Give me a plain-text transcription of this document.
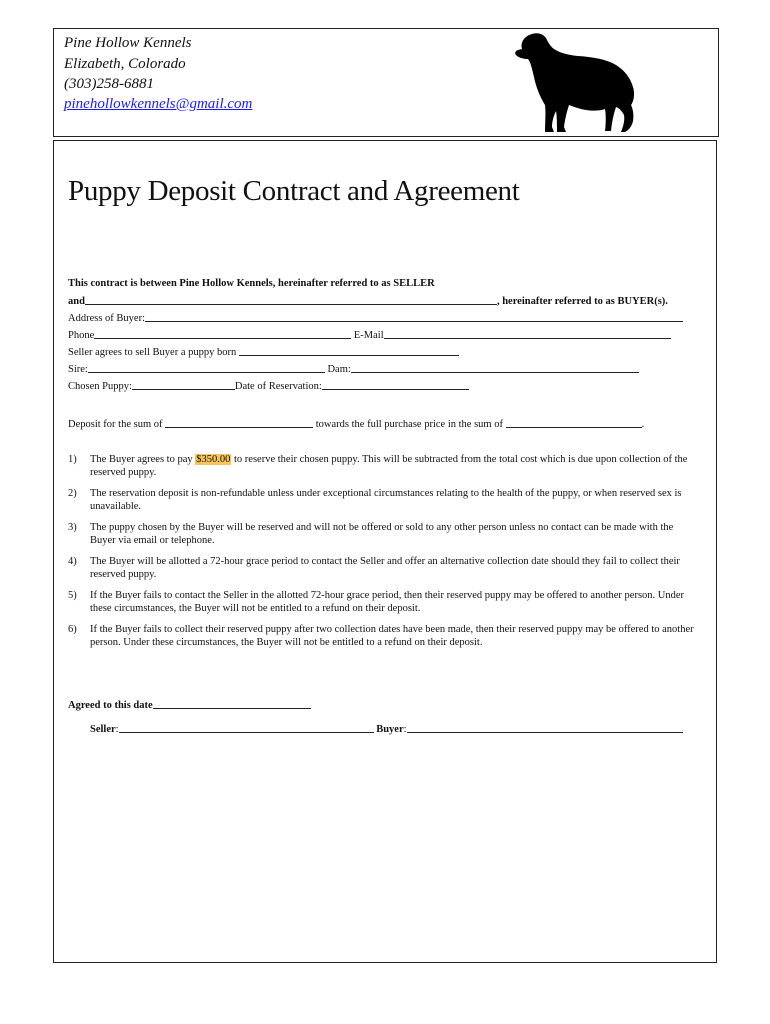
Pine Hollow Kennels
Elizabeth, Colorado
(303)258-6881
pinehollowkennels@gmail.com
Puppy Deposit Contract and Agreement
This contract is between Pine Hollow Kennels, hereinafter referred to as SELLER
and	, hereinafter referred to as BUYER(s).
Address of Buyer:
Phone	E-Mail
Seller agrees to sell Buyer a puppy born
Sire:	Dam:
Chosen Puppy:	Date of Reservation:
Deposit for the sum of	towards the full purchase price in the sum of	.
1) The Buyer agrees to pay $350.00 to reserve their chosen puppy. This will be subtracted from the total cost which is due upon collection of the reserved puppy.
2) The reservation deposit is non-refundable unless under exceptional circumstances relating to the health of the puppy, or when reserved sex is unavailable.
3) The puppy chosen by the Buyer will be reserved and will not be offered or sold to any other person unless no contact can be made with the Buyer via email or telephone.
4) The Buyer will be allotted a 72-hour grace period to contact the Seller and offer an alternative collection date should they fail to collect their reserved puppy.
5) If the Buyer fails to contact the Seller in the allotted 72-hour grace period, then their reserved puppy may be offered to another person. Under these circumstances, the Buyer will not be entitled to a refund on their deposit.
6) If the Buyer fails to collect their reserved puppy after two collection dates have been made, then their reserved puppy may be offered to another person. Under these circumstances, the Buyer will not be entitled to a refund on their deposit.
Agreed to this date
Seller:	Buyer:
